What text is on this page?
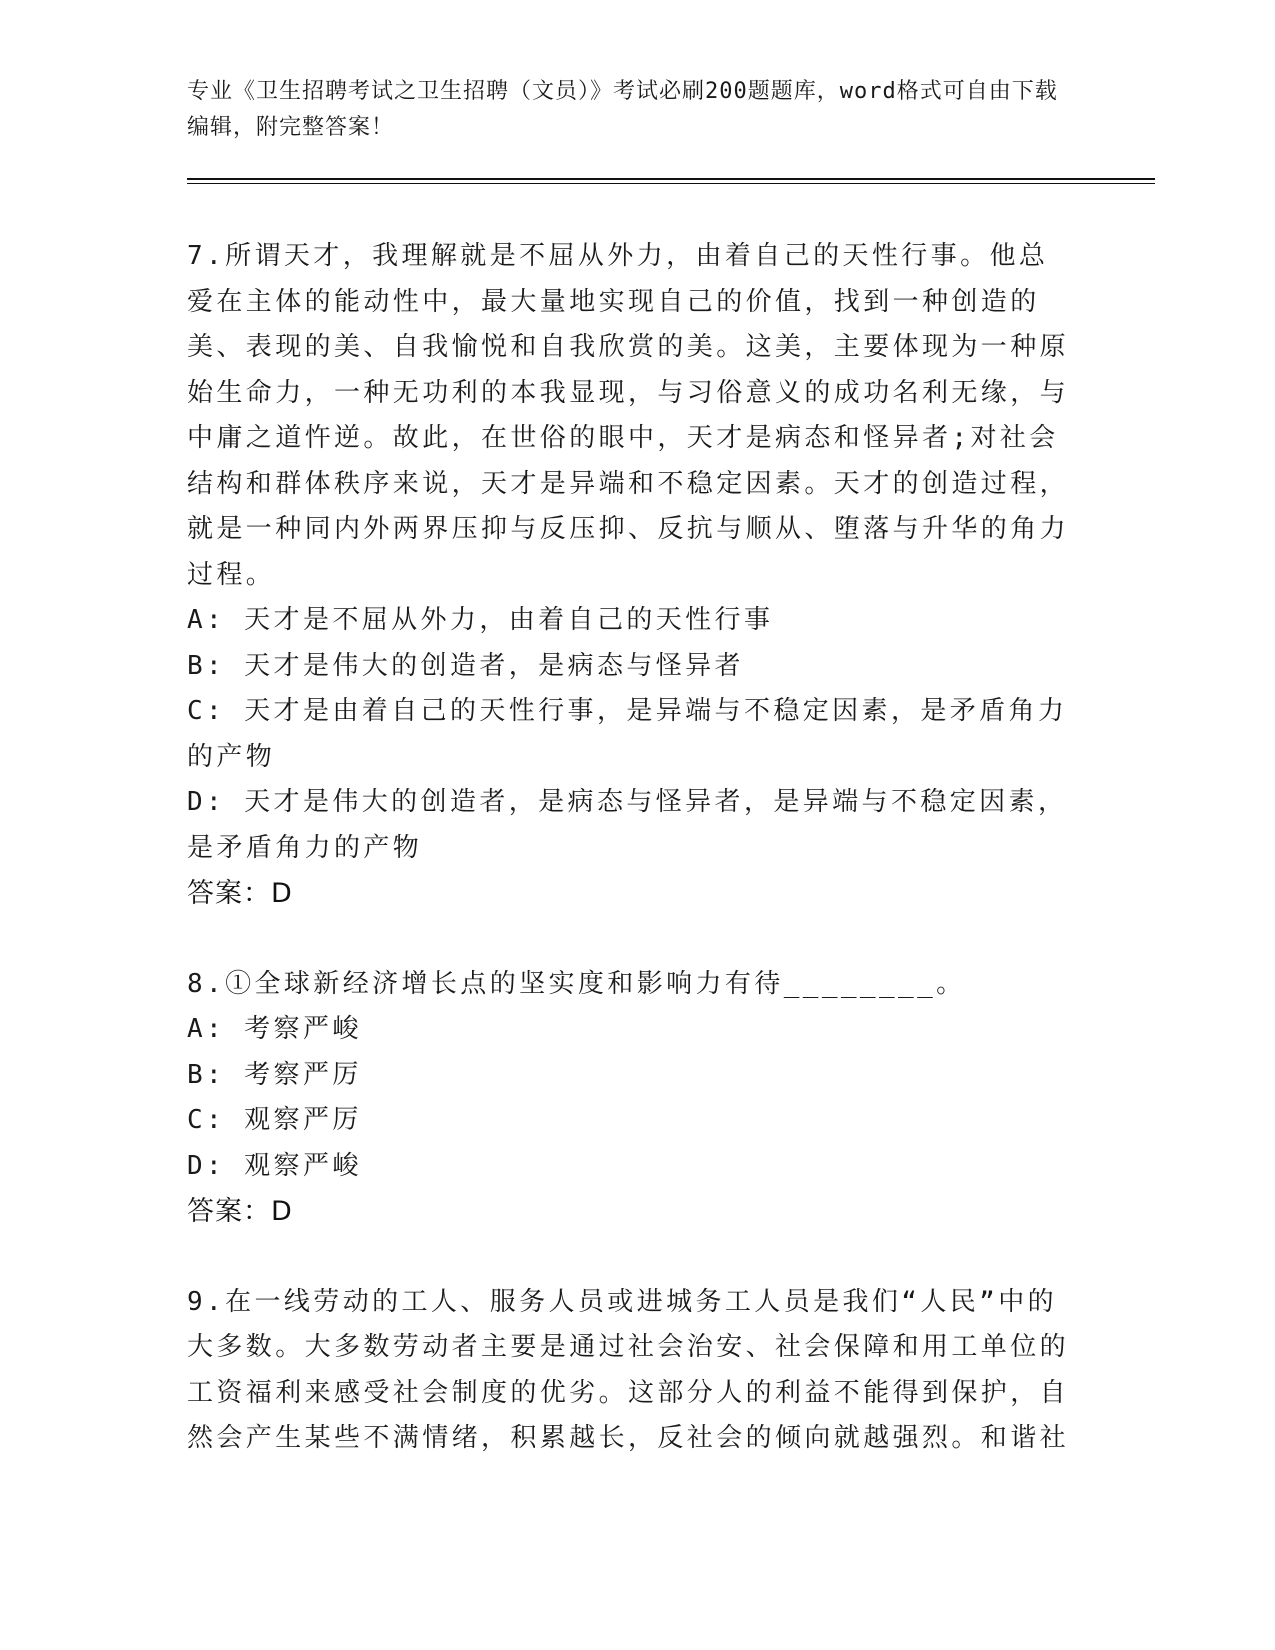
专业《卫生招聘考试之卫生招聘（文员）》考试必刷200题题库，word格式可自由下载编辑，附完整答案！

7.所谓天才，我理解就是不屈从外力，由着自己的天性行事。他总爱在主体的能动性中，最大量地实现自己的价值，找到一种创造的美、表现的美、自我愉悦和自我欣赏的美。这美，主要体现为一种原始生命力，一种无功利的本我显现，与习俗意义的成功名利无缘，与中庸之道忤逆。故此，在世俗的眼中，天才是病态和怪异者;对社会结构和群体秩序来说，天才是异端和不稳定因素。天才的创造过程，就是一种同内外两界压抑与反压抑、反抗与顺从、堕落与升华的角力过程。

A: 天才是不屈从外力，由着自己的天性行事

B: 天才是伟大的创造者，是病态与怪异者

C: 天才是由着自己的天性行事，是异端与不稳定因素，是矛盾角力的产物

D: 天才是伟大的创造者，是病态与怪异者，是异端与不稳定因素，是矛盾角力的产物

答案：D

8.①全球新经济增长点的坚实度和影响力有待________。

A: 考察严峻

B: 考察严厉

C: 观察严厉

D: 观察严峻

答案：D

9.在一线劳动的工人、服务人员或进城务工人员是我们“人民”中的大多数。大多数劳动者主要是通过社会治安、社会保障和用工单位的工资福利来感受社会制度的优劣。这部分人的利益不能得到保护，自然会产生某些不满情绪，积累越长，反社会的倾向就越强烈。和谐社
